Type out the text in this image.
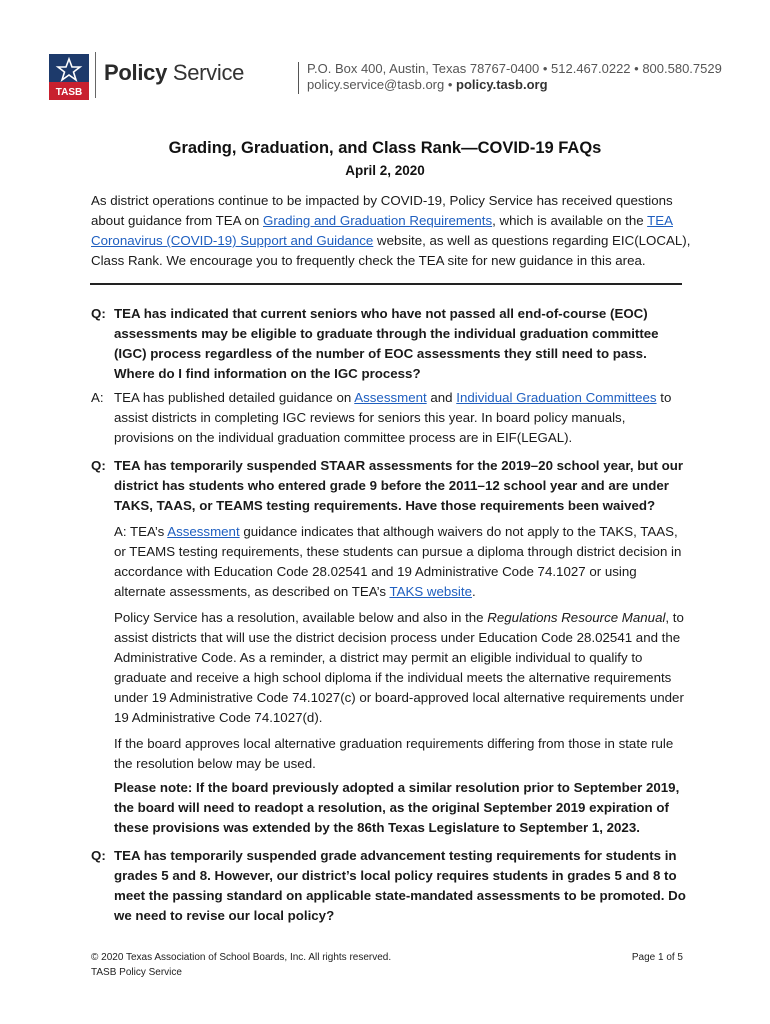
TASB
Policy Service	P.O. Box 400, Austin, Texas 78767-0400 • 512.467.0222 • 800.580.7529
policy.service@tasb.org • policy.tasb.org
Grading, Graduation, and Class Rank—COVID-19 FAQs
April 2, 2020
As district operations continue to be impacted by COVID-19, Policy Service has received questions about guidance from TEA on Grading and Graduation Requirements, which is available on the TEA Coronavirus (COVID-19) Support and Guidance website, as well as questions regarding EIC(LOCAL), Class Rank. We encourage you to frequently check the TEA site for new guidance in this area.
Q: TEA has indicated that current seniors who have not passed all end-of-course (EOC) assessments may be eligible to graduate through the individual graduation committee (IGC) process regardless of the number of EOC assessments they still need to pass. Where do I find information on the IGC process?
A: TEA has published detailed guidance on Assessment and Individual Graduation Committees to assist districts in completing IGC reviews for seniors this year. In board policy manuals, provisions on the individual graduation committee process are in EIF(LEGAL).
Q: TEA has temporarily suspended STAAR assessments for the 2019–20 school year, but our district has students who entered grade 9 before the 2011–12 school year and are under TAKS, TAAS, or TEAMS testing requirements. Have those requirements been waived?
A: TEA’s Assessment guidance indicates that although waivers do not apply to the TAKS, TAAS, or TEAMS testing requirements, these students can pursue a diploma through district decision in accordance with Education Code 28.02541 and 19 Administrative Code 74.1027 or using alternate assessments, as described on TEA’s TAKS website.
Policy Service has a resolution, available below and also in the Regulations Resource Manual, to assist districts that will use the district decision process under Education Code 28.02541 and the Administrative Code. As a reminder, a district may permit an eligible individual to qualify to graduate and receive a high school diploma if the individual meets the alternative requirements under 19 Administrative Code 74.1027(c) or board-approved local alternative requirements under 19 Administrative Code 74.1027(d).
If the board approves local alternative graduation requirements differing from those in state rule the resolution below may be used.
Please note: If the board previously adopted a similar resolution prior to September 2019, the board will need to readopt a resolution, as the original September 2019 expiration of these provisions was extended by the 86th Texas Legislature to September 1, 2023.
Q: TEA has temporarily suspended grade advancement testing requirements for students in grades 5 and 8. However, our district’s local policy requires students in grades 5 and 8 to meet the passing standard on applicable state-mandated assessments to be promoted. Do we need to revise our local policy?
© 2020 Texas Association of School Boards, Inc. All rights reserved.
TASB Policy Service
Page 1 of 5
